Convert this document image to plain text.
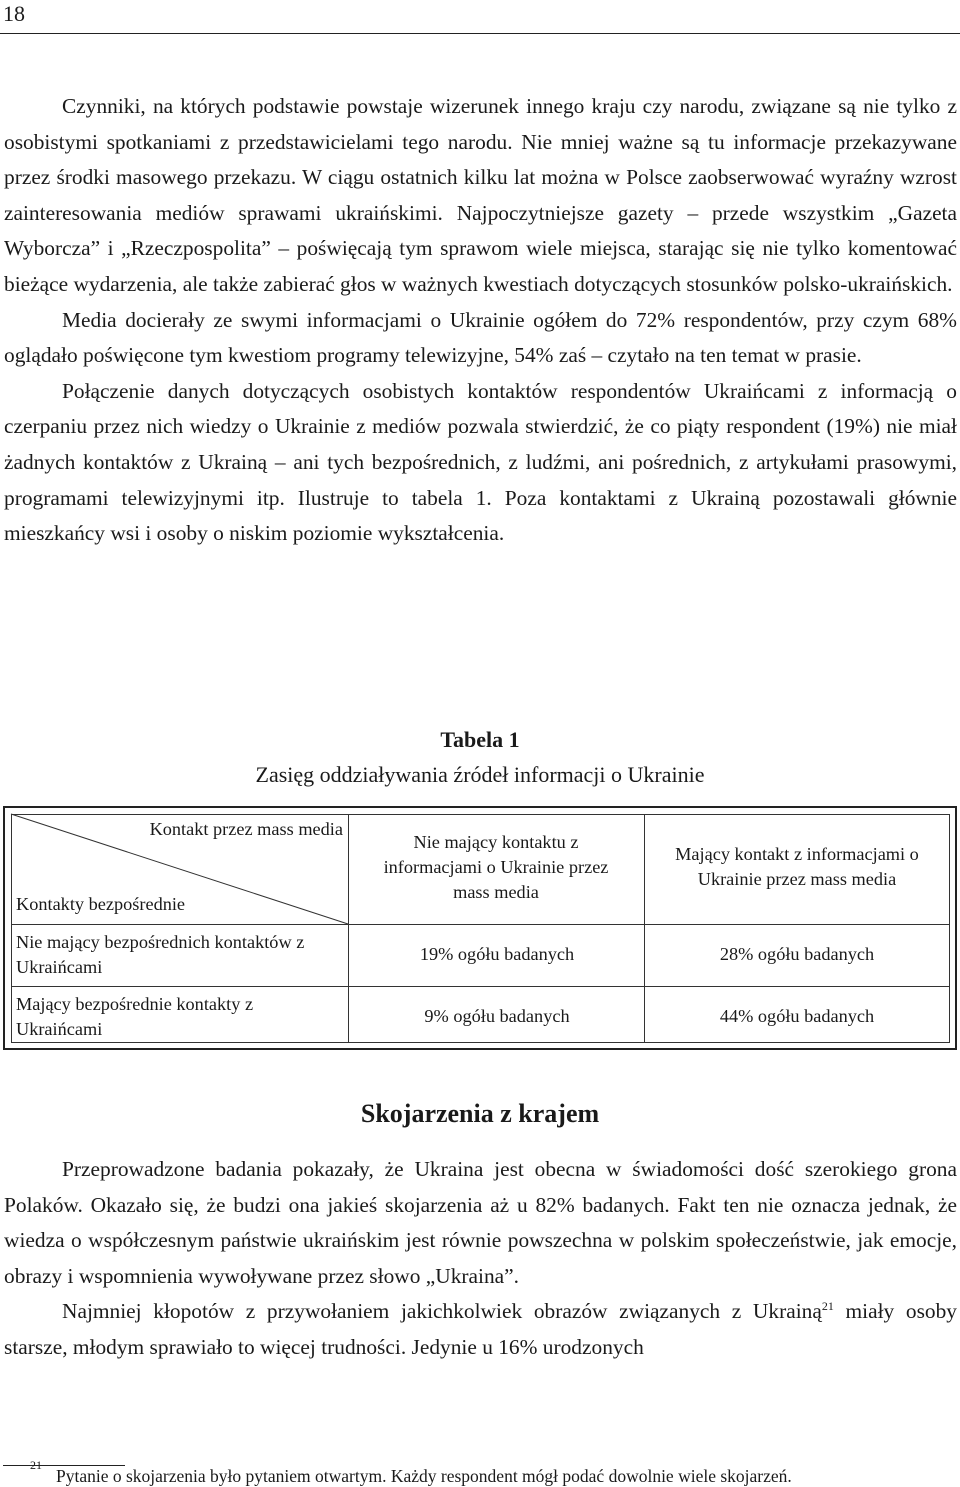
18

Czynniki, na których podstawie powstaje wizerunek innego kraju czy narodu, związane są nie tylko z osobistymi spotkaniami z przedstawicielami tego narodu. Nie mniej ważne są tu informacje przekazywane przez środki masowego przekazu. W ciągu ostatnich kilku lat można w Polsce zaobserwować wyraźny wzrost zainteresowania mediów sprawami ukraińskimi. Najpoczytniejsze gazety – przede wszystkim „Gazeta Wyborcza” i „Rzeczpospolita” – poświęcają tym sprawom wiele miejsca, starając się nie tylko komentować bieżące wydarzenia, ale także zabierać głos w ważnych kwestiach dotyczących stosunków polsko-ukraińskich.

Media docierały ze swymi informacjami o Ukrainie ogółem do 72% respondentów, przy czym 68% oglądało poświęcone tym kwestiom programy telewizyjne, 54% zaś – czytało na ten temat w prasie.

Połączenie danych dotyczących osobistych kontaktów respondentów Ukraińcami z informacją o czerpaniu przez nich wiedzy o Ukrainie z mediów pozwala stwierdzić, że co piąty respondent (19%) nie miał żadnych kontaktów z Ukrainą – ani tych bezpośrednich, z ludźmi, ani pośrednich, z artykułami prasowymi, programami telewizyjnymi itp. Ilustruje to tabela 1. Poza kontaktami z Ukrainą pozostawali głównie mieszkańcy wsi i osoby o niskim poziomie wykształcenia.

Tabela 1
Zasięg oddziaływania źródeł informacji o Ukrainie
Kontakt przez mass media
Kontakty bezpośrednie
Nie mający kontaktu z informacjami o Ukrainie przez mass media
Mający kontakt z informacjami o Ukrainie przez mass media
Nie mający bezpośrednich kontaktów z Ukraińcami
19% ogółu badanych	28% ogółu badanych
Mający bezpośrednie kontakty z Ukraińcami
9% ogółu badanych	44% ogółu badanych
Skojarzenia z krajem

Przeprowadzone badania pokazały, że Ukraina jest obecna w świadomości dość szerokiego grona Polaków. Okazało się, że budzi ona jakieś skojarzenia aż u 82% badanych. Fakt ten nie oznacza jednak, że wiedza o współczesnym państwie ukraińskim jest równie powszechna w polskim społeczeństwie, jak emocje, obrazy i wspomnienia wywoływane przez słowo „Ukraina”.

Najmniej kłopotów z przywołaniem jakichkolwiek obrazów związanych z Ukrainą$^{21}$ miały osoby starsze, młodym sprawiało to więcej trudności. Jedynie u 16% urodzonych

21
Pytanie o skojarzenia było pytaniem otwartym. Każdy respondent mógł podać dowolnie wiele skojarzeń.
